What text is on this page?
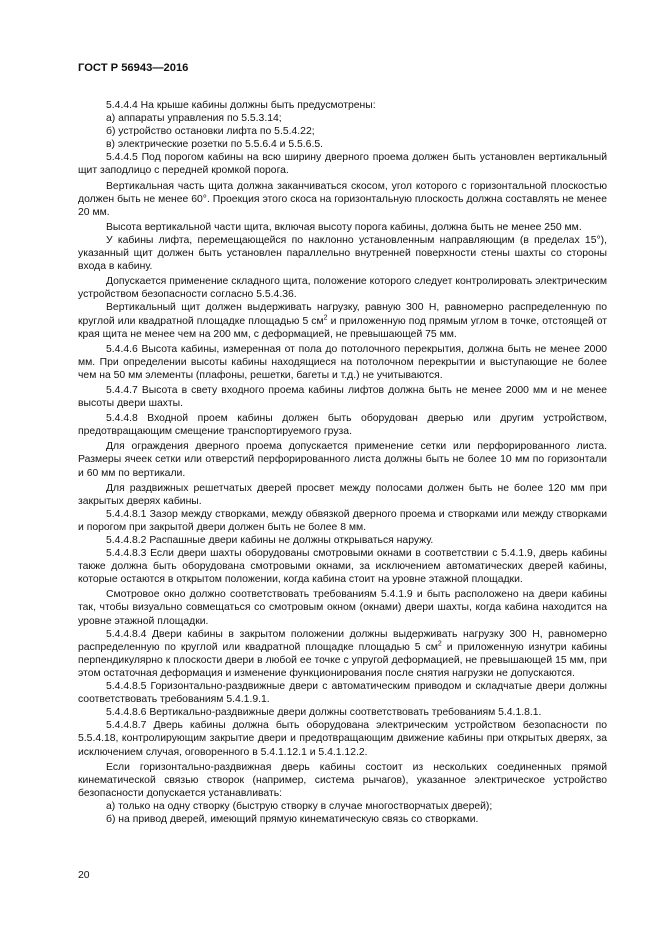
ГОСТ Р 56943—2016

5.4.4.4 На крыше кабины должны быть предусмотрены:

а) аппараты управления по 5.5.3.14;

б) устройство остановки лифта по 5.5.4.22;

в) электрические розетки по 5.5.6.4 и 5.5.6.5.

5.4.4.5 Под порогом кабины на всю ширину дверного проема должен быть установлен вертикальный щит заподлицо с передней кромкой порога.

Вертикальная часть щита должна заканчиваться скосом, угол которого с горизонтальной плоскостью должен быть не менее 60°. Проекция этого скоса на горизонтальную плоскость должна составлять не менее 20 мм.

Высота вертикальной части щита, включая высоту порога кабины, должна быть не менее 250 мм.

У кабины лифта, перемещающейся по наклонно установленным направляющим (в пределах 15°), указанный щит должен быть установлен параллельно внутренней поверхности стены шахты со стороны входа в кабину.

Допускается применение складного щита, положение которого следует контролировать электрическим устройством безопасности согласно 5.5.4.36.

Вертикальный щит должен выдерживать нагрузку, равную 300 Н, равномерно распределенную по круглой или квадратной площадке площадью 5 $см^2$ и приложенную под прямым углом в точке, отстоящей от края щита не менее чем на 200 мм, с деформацией, не превышающей 75 мм.

5.4.4.6 Высота кабины, измеренная от пола до потолочного перекрытия, должна быть не менее 2000 мм. При определении высоты кабины находящиеся на потолочном перекрытии и выступающие не более чем на 50 мм элементы (плафоны, решетки, багеты и т.д.) не учитываются.

5.4.4.7 Высота в свету входного проема кабины лифтов должна быть не менее 2000 мм и не менее высоты двери шахты.

5.4.4.8 Входной проем кабины должен быть оборудован дверью или другим устройством, предотвращающим смещение транспортируемого груза.

Для ограждения дверного проема допускается применение сетки или перфорированного листа. Размеры ячеек сетки или отверстий перфорированного листа должны быть не более 10 мм по горизонтали и 60 мм по вертикали.

Для раздвижных решетчатых дверей просвет между полосами должен быть не более 120 мм при закрытых дверях кабины.

5.4.4.8.1 Зазор между створками, между обвязкой дверного проема и створками или между створками и порогом при закрытой двери должен быть не более 8 мм.

5.4.4.8.2 Распашные двери кабины не должны открываться наружу.

5.4.4.8.3 Если двери шахты оборудованы смотровыми окнами в соответствии с 5.4.1.9, дверь кабины также должна быть оборудована смотровыми окнами, за исключением автоматических дверей кабины, которые остаются в открытом положении, когда кабина стоит на уровне этажной площадки.

Смотровое окно должно соответствовать требованиям 5.4.1.9 и быть расположено на двери кабины так, чтобы визуально совмещаться со смотровым окном (окнами) двери шахты, когда кабина находится на уровне этажной площадки.

5.4.4.8.4 Двери кабины в закрытом положении должны выдерживать нагрузку 300 Н, равномерно распределенную по круглой или квадратной площадке площадью 5 $см^2$ и приложенную изнутри кабины перпендикулярно к плоскости двери в любой ее точке с упругой деформацией, не превышающей 15 мм, при этом остаточная деформация и изменение функционирования после снятия нагрузки не допускаются.

5.4.4.8.5 Горизонтально-раздвижные двери с автоматическим приводом и складчатые двери должны соответствовать требованиям 5.4.1.9.1.

5.4.4.8.6 Вертикально-раздвижные двери должны соответствовать требованиям 5.4.1.8.1.

5.4.4.8.7 Дверь кабины должна быть оборудована электрическим устройством безопасности по 5.5.4.18, контролирующим закрытие двери и предотвращающим движение кабины при открытых дверях, за исключением случая, оговоренного в 5.4.1.12.1 и 5.4.1.12.2.

Если горизонтально-раздвижная дверь кабины состоит из нескольких соединенных прямой кинематической связью створок (например, система рычагов), указанное электрическое устройство безопасности допускается устанавливать:

а) только на одну створку (быструю створку в случае многостворчатых дверей);

б) на привод дверей, имеющий прямую кинематическую связь со створками.

20
